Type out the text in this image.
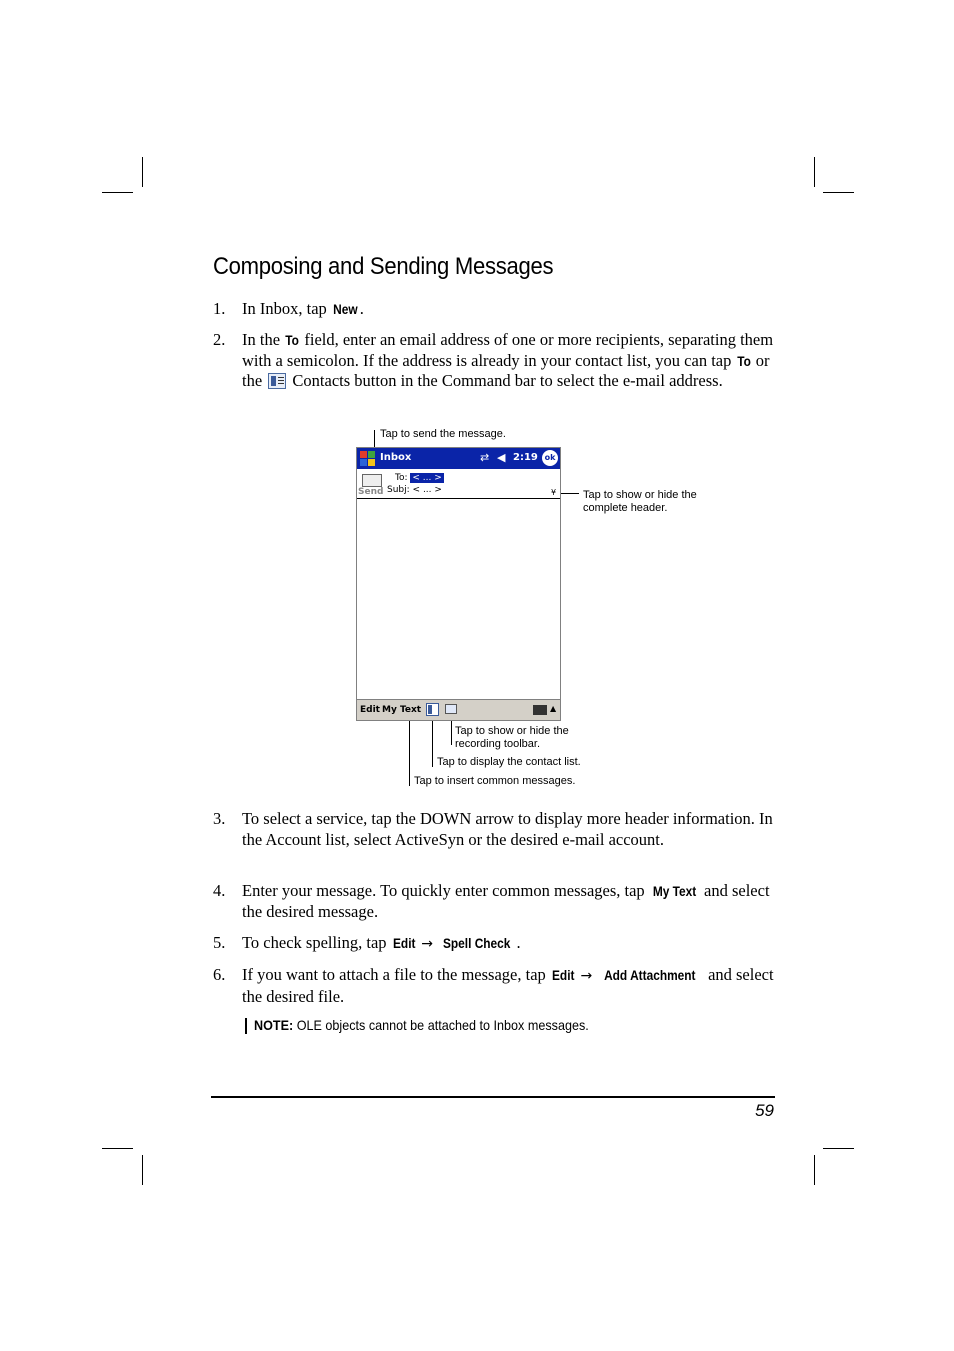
Composing and Sending Messages
1. In Inbox, tap New .
2. In the To field, enter an email address of one or more recipients, separating them with a semicolon. If the address is already in your contact list, you can tap To or the  Contacts button in the Command bar to select the e-mail address.
Tap to send the message.
Tap to show or hide the
complete header.
Tap to show or hide the
recording toolbar.
Tap to display the contact list.
Tap to insert common messages.
Inbox	⇄ ◀ 2:19 ok
Send
To: < ... >
Subj: < ... >	¥
Edit My Text	▲
3. To select a service, tap the DOWN arrow to display more header information. In the Account list, select ActiveSyn or the desired e-mail account.
4. Enter your message. To quickly enter common messages, tap My Text and select the desired message.
5. To check spelling, tap Edit → Spell Check .
6. If you want to attach a file to the message, tap Edit → Add Attachment and select the desired file.
NOTE: OLE objects cannot be attached to Inbox messages.
59
